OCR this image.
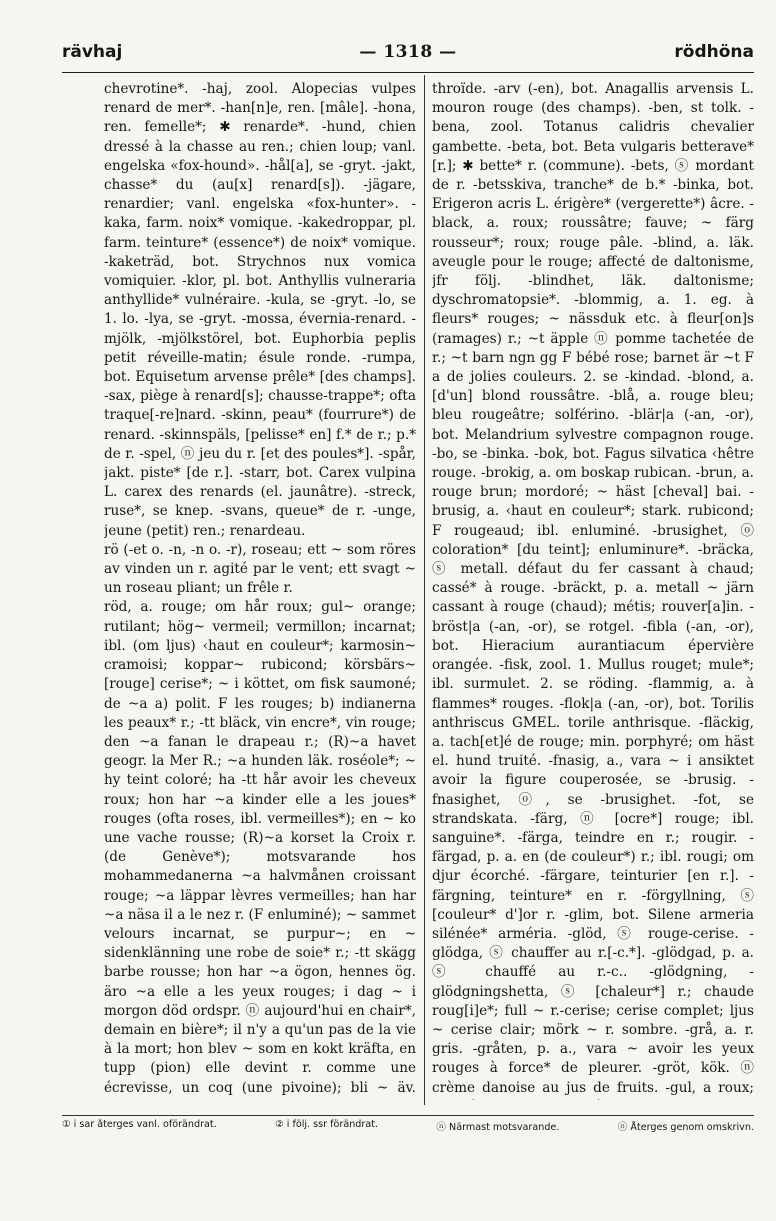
rävhaj	— 1318 —	rödhöna

chevrotine*. -haj, zool. Alopecias vulpes renard de mer*. -han[n]e, ren. [mâle]. -hona, ren. femelle*; ✱ renarde*. -hund, chien dressé à la chasse au ren.; chien loup; vanl. engelska «fox-hound». -hål[a], se -gryt. -jakt, chasse* du (au[x] renard[s]). -jägare, renardier; vanl. engelska «fox-hunter». -kaka, farm. noix* vomique. -kakedroppar, pl. farm. teinture* (essence*) de noix* vomique. -kaketräd, bot. Strychnos nux vomica vomiquier. -klor, pl. bot. Anthyllis vulneraria anthyllide* vulnéraire. -kula, se -gryt. -lo, se 1. lo. -lya, se -gryt. -mossa, évernia-renard. -mjölk, -mjölkstörel, bot. Euphorbia peplis petit réveille-matin; ésule ronde. -rumpa, bot. Equisetum arvense prêle* [des champs]. -sax, piège à renard[s]; chausse-trappe*; ofta traque[-re]nard. -skinn, peau* (fourrure*) de renard. -skinnspäls, [pelisse* en] f.* de r.; p.* de r. -spel, ⓝ jeu du r. [et des poules*]. -spår, jakt. piste* [de r.]. -starr, bot. Carex vulpina L. carex des renards (el. jaunâtre). -streck, ruse*, se knep. -svans, queue* de r. -unge, jeune (petit) ren.; renardeau.

rö (-et o. -n, -n o. -r), roseau; ett ~ som röres av vinden un r. agité par le vent; ett svagt ~ un roseau pliant; un frêle r.

röd, a. rouge; om hår roux; gul~ orange; rutilant; hög~ vermeil; vermillon; incarnat; ibl. (om ljus) ‹haut en couleur*; karmosin~ cramoisi; koppar~ rubicond; körsbärs~ [rouge] cerise*; ~ i köttet, om fisk saumoné; de ~a a) polit. F les rouges; b) indianerna les peaux* r.; -tt bläck, vin encre*, vin rouge; den ~a fanan le drapeau r.; (R)~a havet geogr. la Mer R.; ~a hunden läk. roséole*; ~ hy teint coloré; ha -tt hår avoir les cheveux roux; hon har ~a kinder elle a les joues* rouges (ofta roses, ibl. vermeilles*); en ~ ko une vache rousse; (R)~a korset la Croix r. (de Genève*); motsvarande hos mohammedanerna ~a halvmånen croissant rouge; ~a läppar lèvres vermeilles; han har ~a näsa il a le nez r. (F enluminé); ~ sammet velours incarnat, se purpur~; en ~ sidenklänning une robe de soie* r.; -tt skägg barbe rousse; hon har ~a ögon, hennes ög. äro ~a elle a les yeux rouges; i dag ~ i morgon död ordspr. ⓝ aujourd'hui en chair*, demain en bière*; il n'y a qu'un pas de la vie à la mort; hon blev ~ som en kokt kräfta, en tupp (pion) elle devint r. comme une écrevisse, un coq (une pivoine); bli ~ äv.

throïde. -arv (-en), bot. Anagallis arvensis L. mouron rouge (des champs). -ben, st tolk. -bena, zool. Totanus calidris chevalier gambette. -beta, bot. Beta vulgaris betterave* [r.]; ✱ bette* r. (commune). -bets, ⓢ mordant de r. -betsskiva, tranche* de b.* -binka, bot. Erigeron acris L. érigère* (vergerette*) âcre. -black, a. roux; roussâtre; fauve; ~ färg rousseur*; roux; rouge pâle. -blind, a. läk. aveugle pour le rouge; affecté de daltonisme, jfr följ. -blindhet, läk. daltonisme; dyschromatopsie*. -blommig, a. 1. eg. à fleurs* rouges; ~ nässduk etc. à fleur[on]s (ramages) r.; ~t äpple ⓝ pomme tachetée de r.; ~t barn ngn gg F bébé rose; barnet är ~t F a de jolies couleurs. 2. se -kindad. -blond, a. [d'un] blond roussâtre. -blå, a. rouge bleu; bleu rougeâtre; solférino. -blär|a (-an, -or), bot. Melandrium sylvestre compagnon rouge. -bo, se -binka. -bok, bot. Fagus silvatica ‹hêtre rouge. -brokig, a. om boskap rubican. -brun, a. rouge brun; mordoré; ~ häst [cheval] bai. -brusig, a. ‹haut en couleur*; stark. rubicond; F rougeaud; ibl. enluminé. -brusighet, ⓞ coloration* [du teint]; enluminure*. -bräcka, ⓢ metall. défaut du fer cassant à chaud; cassé* à rouge. -bräckt, p. a. metall ~ järn cassant à rouge (chaud); métis; rouver[a]in. -bröst|a (-an, -or), se rotgel. -fibla (-an, -or), bot. Hieracium aurantiacum épervière orangée. -fisk, zool. 1. Mullus rouget; mule*; ibl. surmulet. 2. se röding. -flammig, a. à flammes* rouges. -flok|a (-an, -or), bot. Torilis anthriscus GMEL. torile anthrisque. -fläckig, a. tach[et]é de rouge; min. porphyré; om häst el. hund truité. -fnasig, a., vara ~ i ansiktet avoir la figure couperosée, se -brusig. -fnasighet, ⓞ, se -brusighet. -fot, se strandskata. -färg, ⓝ [ocre*] rouge; ibl. sanguine*. -färga, teindre en r.; rougir. -färgad, p. a. en (de couleur*) r.; ibl. rougi; om djur écorché. -färgare, teinturier [en r.]. -färgning, teinture* en r. -förgyllning, ⓢ [couleur* d']or r. -glim, bot. Silene armeria silénée* arméria. -glöd, ⓢ rouge-cerise. -glödga, ⓢ chauffer au r.[-c.*]. -glödgad, p. a. ⓢ chauffé au r.-c.. -glödgning, -glödgningshetta, ⓢ [chaleur*] r.; chaude roug[i]e*; full ~ r.-cerise; cerise complet; ljus ~ cerise clair; mörk ~ r. sombre. -grå, a. r. gris. -gråten, p. a., vara ~ avoir les yeux rouges à force* de pleurer. -gröt, kök. ⓝ crème danoise au jus de fruits. -gul, a roux;

① i sar återges vanl. oförändrat.	② i följ. ssr förändrat.	ⓝ Närmast motsvarande.	ⓞ Återges genom omskrivn.
